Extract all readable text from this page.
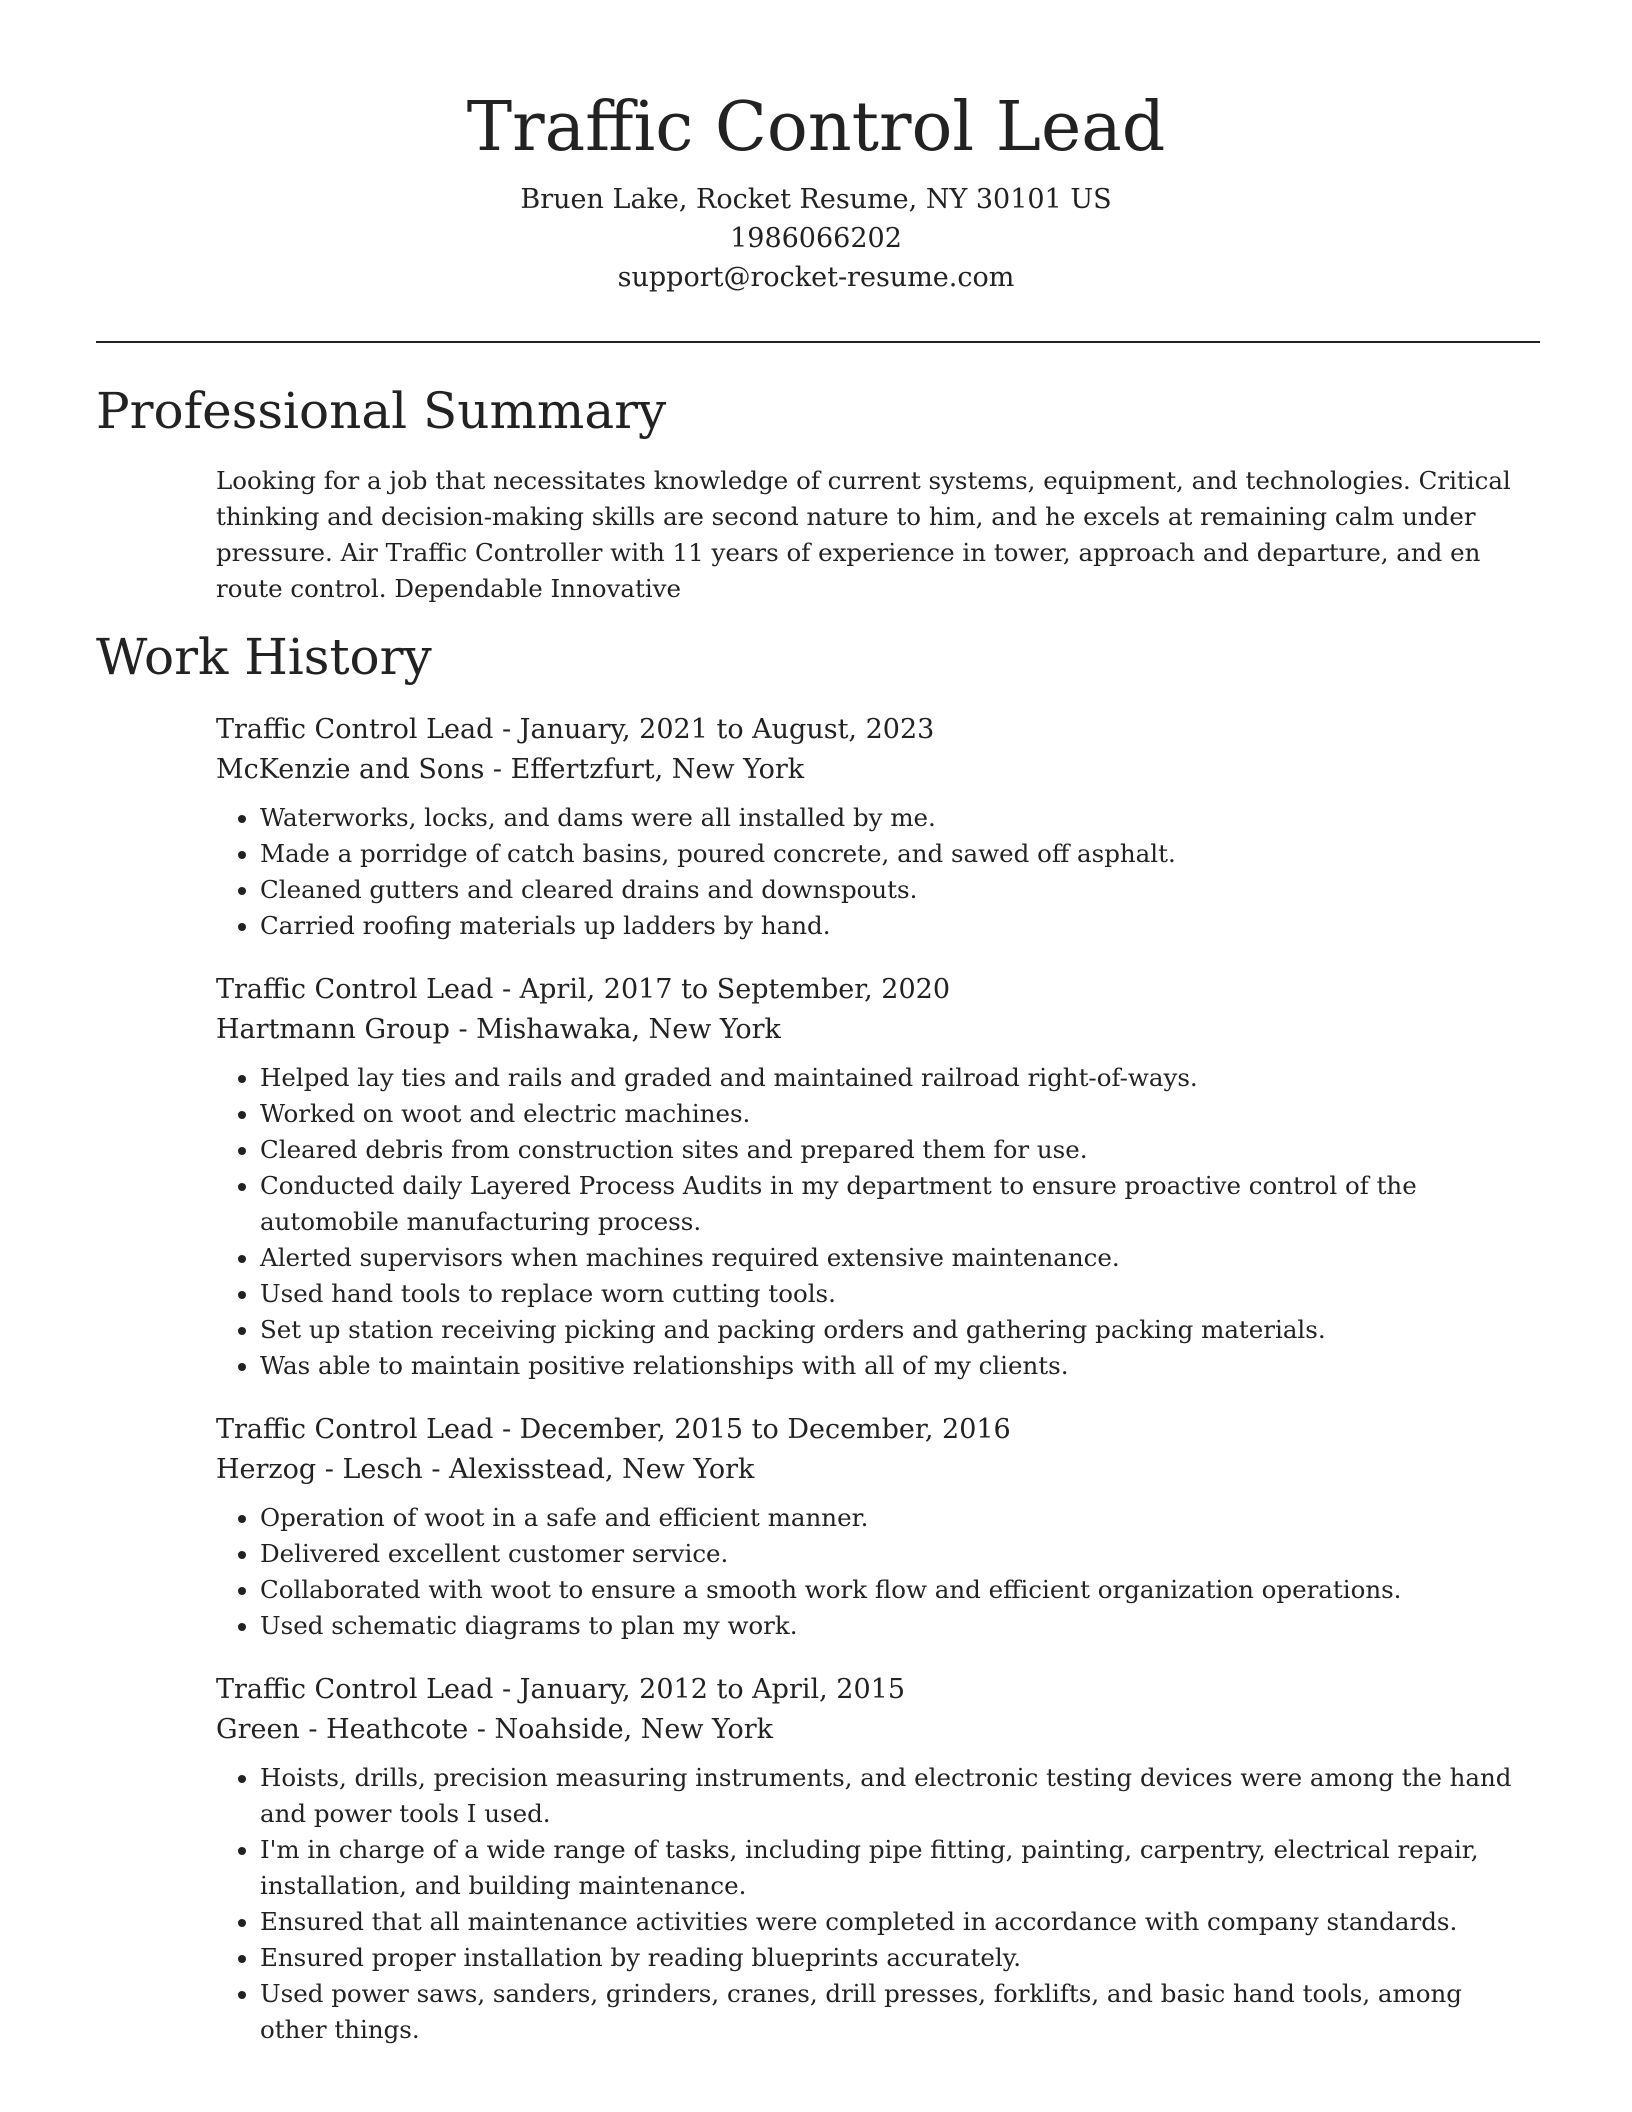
Traffic Control Lead
Bruen Lake, Rocket Resume, NY 30101 US
1986066202
support@rocket-resume.com
Professional Summary

Looking for a job that necessitates knowledge of current systems, equipment, and technologies. Critical thinking and decision-making skills are second nature to him, and he excels at remaining calm under pressure. Air Traffic Controller with 11 years of experience in tower, approach and departure, and en route control. Dependable Innovative

Work History
Traffic Control Lead - January, 2021 to August, 2023
McKenzie and Sons - Effertzfurt, New York
• Waterworks, locks, and dams were all installed by me.
• Made a porridge of catch basins, poured concrete, and sawed off asphalt.
• Cleaned gutters and cleared drains and downspouts.
• Carried roofing materials up ladders by hand.
Traffic Control Lead - April, 2017 to September, 2020
Hartmann Group - Mishawaka, New York
• Helped lay ties and rails and graded and maintained railroad right-of-ways.
• Worked on woot and electric machines.
• Cleared debris from construction sites and prepared them for use.
• Conducted daily Layered Process Audits in my department to ensure proactive control of the automobile manufacturing process.
• Alerted supervisors when machines required extensive maintenance.
• Used hand tools to replace worn cutting tools.
• Set up station receiving picking and packing orders and gathering packing materials.
• Was able to maintain positive relationships with all of my clients.
Traffic Control Lead - December, 2015 to December, 2016
Herzog - Lesch - Alexisstead, New York
• Operation of woot in a safe and efficient manner.
• Delivered excellent customer service.
• Collaborated with woot to ensure a smooth work flow and efficient organization operations.
• Used schematic diagrams to plan my work.
Traffic Control Lead - January, 2012 to April, 2015
Green - Heathcote - Noahside, New York
• Hoists, drills, precision measuring instruments, and electronic testing devices were among the hand and power tools I used.
• I'm in charge of a wide range of tasks, including pipe fitting, painting, carpentry, electrical repair, installation, and building maintenance.
• Ensured that all maintenance activities were completed in accordance with company standards.
• Ensured proper installation by reading blueprints accurately.
• Used power saws, sanders, grinders, cranes, drill presses, forklifts, and basic hand tools, among other things.
